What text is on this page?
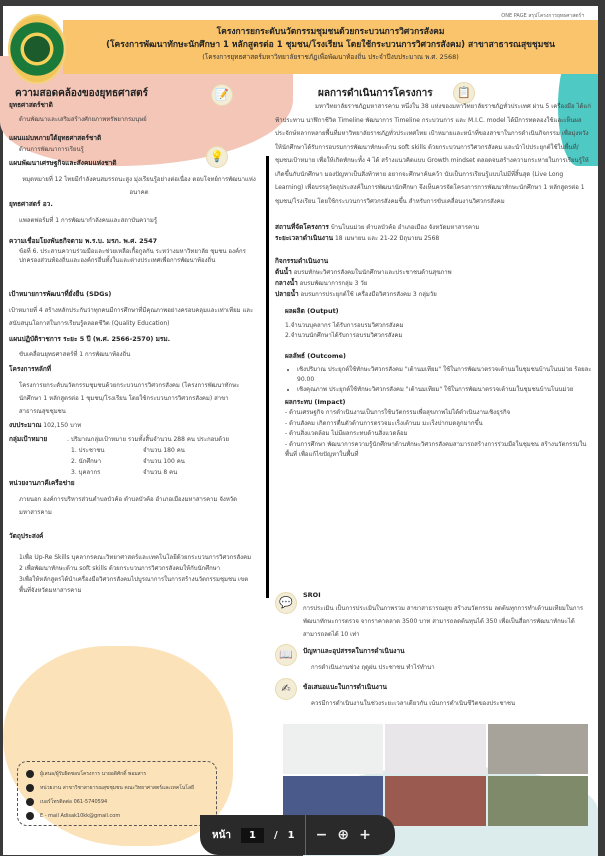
ONE PAGE สรุปโครงการยุทธศาสตร์ฯ
โครงการยกระดับนวัตกรรมชุมชนด้วยกระบวนการวิศวกรสังคม
(โครงการพัฒนาทักษะนักศึกษา 1 หลักสูตรต่อ 1 ชุมชน/โรงเรียน โดยใช้กระบวนการวิศวกรสังคม) สาขาสาธารณสุขชุมชน
(โครงการยุทธศาสตร์มหาวิทยาลัยราชภัฏเพื่อพัฒนาท้องถิ่น ประจำปีงบประมาณ พ.ศ. 2568)
ความสอดคล้องของยุทธศาสตร์	📝
💡
ยุทธศาสตร์ชาติ
ด้านพัฒนาและเสริมสร้างศักยภาพทรัพยากรมนุษย์
แผนแม่บทภายใต้ยุทธศาสตร์ชาติ
ด้านการพัฒนาการเรียนรู้
แผนพัฒนาเศรษฐกิจและสังคมแห่งชาติ
หมุดหมายที่ 12 ไทยมีกำลังคนสมรรถนะสูง มุ่งเรียนรู้อย่างต่อเนื่อง ตอบโจทย์การพัฒนาแห่งอนาคต
ยุทธศาสตร์ อว.
แพลตฟอร์มที่ 1 การพัฒนากำลังคนและสถาบันความรู้
ความเชื่อมโยงพันธกิจตาม พ.ร.บ. มรภ. พ.ศ. 2547
ข้อที่ 6. ประสานความร่วมมือและช่วยเหลือเกื้อกูลกัน ระหว่างมหาวิทยาลัย ชุมชน องค์กรปกครองส่วนท้องถิ่นและองค์กรอื่นทั้งในและต่างประเทศเพื่อการพัฒนาท้องถิ่น
เป้าหมายการพัฒนาที่ยั่งยืน (SDGs)
เป้าหมายที่ 4 สร้างหลักประกันว่าทุกคนมีการศึกษาที่มีคุณภาพอย่างครอบคลุมและเท่าเทียม และสนับสนุนโอกาสในการเรียนรู้ตลอดชีวิต (Quality Education)
แผนปฏิบัติราชการ ระยะ 5 ปี (พ.ศ. 2566-2570) มรม.
ขับเคลื่อนยุทธศาสตร์ที่ 1 การพัฒนาท้องถิ่น
โครงการหลักที่
โครงการยกระดับนวัตกรรมชุมชนด้วยกระบวนการวิศวกรสังคม (โครงการพัฒนาทักษะนักศึกษา 1 หลักสูตรต่อ 1 ชุมชน/โรงเรียน โดยใช้กระบวนการวิศวกรสังคม) สาขาสาธารณสุขชุมชน
งบประมาณ 102,150 บาท
กลุ่มเป้าหมาย	. ปริมาณกลุ่มเป้าหมาย รวมทั้งสิ้นจำนวน 288 คน ประกอบด้วย
1. ประชาชน	จำนวน 180 คน
2. นักศึกษา	จำนวน 100 คน
3. บุคลากร	จำนวน 8 คน
หน่วยงานภาคีเครือข่าย
ภายนอก องค์การบริหารส่วนตำบลบัวค้อ ตำบลบัวค้อ อำเภอเมืองมหาสารคาม จังหวัดมหาสารคาม
วัตถุประสงค์
1เพื่อ Up-Re Skills บุคลากรคณะวิทยาศาสตร์และเทคโนโลยีด้วยกระบวนการวิศวกรสังคม
2 เพื่อพัฒนาทักษะด้าน soft skills ด้วยกระบวนการวิศวกรสังคมให้กับนักศึกษา
3เพื่อให้หลักสูตรได้นำเครื่องมือวิศวกรสังคมไปบูรณาการในการสร้างนวัตกรรมชุมชน เขตพื้นที่จังหวัดมหาสารคาม
ผู้เสนอ/ผู้รับผิดชอบโครงการ นายอดิศักดิ์ พอมสาร
หน่วยงาน สาขาวิชาสาธารณสุขชุมชน คณะวิทยาศาสตร์และเทคโนโลยี
เบอร์โทรติดต่อ 061-5740594
E - mail Adisak10kk@gmail.com
ผลการดำเนินการโครงการ	📋
มหาวิทยาลัยราชภัฏมหาสารคาม หนึ่งใน 38 แห่งของมหาวิทยาลัยราชภัฏทั่วประเทศ ผ่าน 5 เครื่องมือ ได้แก่ ฟ้าประทาน นาฬิกาชีวิต Timeline พัฒนาการ Timeline กระบวนการ และ M.I.C. model ได้มีการทดลองใช้และเห็นผลประจักษ์หลากหลายพื้นที่มหาวิทยาลัยราชภัฏทั่วประเทศไทย เป้าหมายและหน้าที่ของสาขาในการดำเนินกิจกรรม เพื่อมุ่งหวังให้นักศึกษาได้รับการอบรมการพัฒนาทักษะด้าน soft skills ด้วยกระบวนการวิศวกรสังคม และนำไปประยุกต์ใช้ในพื้นที่/ชุมชนเป้าหมาย เพื่อให้เกิดทักษะทั้ง 4 ได้ สร้างแนวคิดแบบ Growth mindset ตลอดจนสร้างความกระหายในการเรียนรู้ให้เกิดขึ้นกับนักศึกษา มองปัญหาเป็นสิ่งท้าทาย อยากจะศึกษาค้นคว้า นับเป็นการเรียนรู้แบบไม่มีที่สิ้นสุด (Live Long Learning) เพื่อบรรลุวัตถุประสงค์ในการพัฒนานักศึกษา จึงเห็นควรจัดโครงการการพัฒนาทักษะนักศึกษา 1 หลักสูตรต่อ 1 ชุมชน/โรงเรียน โดยใช้กระบวนการวิศวกรสังคมขึ้น สำหรับการขับเคลื่อนงานวิศวกรสังคม
สถานที่จัดโครงการ บ้านโนนม่วย ตำบลบัวค้อ อำเภอเมือง จังหวัดมหาสารคาม
ระยะเวลาดำเนินงาน 18 เมษายน และ 21-22 มิถุนายน 2568
กิจกรรมดำเนินงาน
ต้นน้ำ อบรมทักษะวิศวกรสังคมในนักศึกษาและประชาชนด้านสุขภาพ
กลางน้ำ อบรมพัฒนาการกลุ่ม 3 วัย
ปลายน้ำ อบรมการประยุกต์ใช้ เครื่องมือวิศวกรสังคม 3 กลุ่มวัย
ผลผลิต (Output)
1.จำนวนบุคลากร ได้รับการอบรมวิศวกรสังคม
2.จำนวนนักศึกษาได้รับการอบรมวิศวกรสังคม
ผลลัพธ์ (Outcome)
• เชิงปริมาณ ประยุกต์ใช้ทักษะวิศวกรสังคม "เต้านมเทียม" ใช้ในการพัฒนาตรวจเต้านมในชุมชนบ้านโนนม่วย ร้อยละ 90.00
• เชิงคุณภาพ ประยุกต์ใช้ทักษะวิศวกรสังคม "เต้านมเทียม" ใช้ในการพัฒนาตรวจเต้านมในชุมชนบ้านโนนม่วย
ผลกระทบ (Impact)
- ด้านเศรษฐกิจ การดำเนินงานเป็นการใช้นวัตกรรมเพื่อสุขภาพไม่ได้ดำเนินงานเชิงธุรกิจ
- ด้านสังคม เกิดการตื่นตัวด้านการตรวจมะเร็งเต้านม มะเร็งปากมดลูกมากขึ้น
- ด้านสิ่งแวดล้อม ไม่มีผลกระทบด้านสิ่งแวดล้อม
- ด้านการศึกษา พัฒนาการความรู้นักศึกษาด้านทักษะวิศวกรสังคมสามารถสร้างการร่วมมือในชุมชน สร้างนวัตกรรมในพื้นที่ เพื่อแก้ไขปัญหาในพื้นที่
💬
SROI
การประเมิน เป็นการประเมินในภาพรวม สาขาสาธารณสุข สร้างนวัตกรรม ลดต้นทุกการทำเต้านมเทียมในการพัฒนาทักษะการตรวจ จากราคาตลาด 3500 บาท สามารถลดต้นทุนได้ 350 เพื่อเป็นสื่อการพัฒนาทักษะได้ สามารถลดได้ 10 เท่า
📖	ปัญหาและอุปสรรคในการดำเนินงาน
การดำเนินงานช่วง ฤดูฝน ประชาชน ทำไร่ทำนา
✍	ข้อเสนอแนะในการดำเนินงาน
ควรมีการดำเนินงานในช่วงระยะเวลาเดียวกัน เน้นการดำเนินชีวิตของประชาชน
หน้า	1	/ 1 − ⊕ +
